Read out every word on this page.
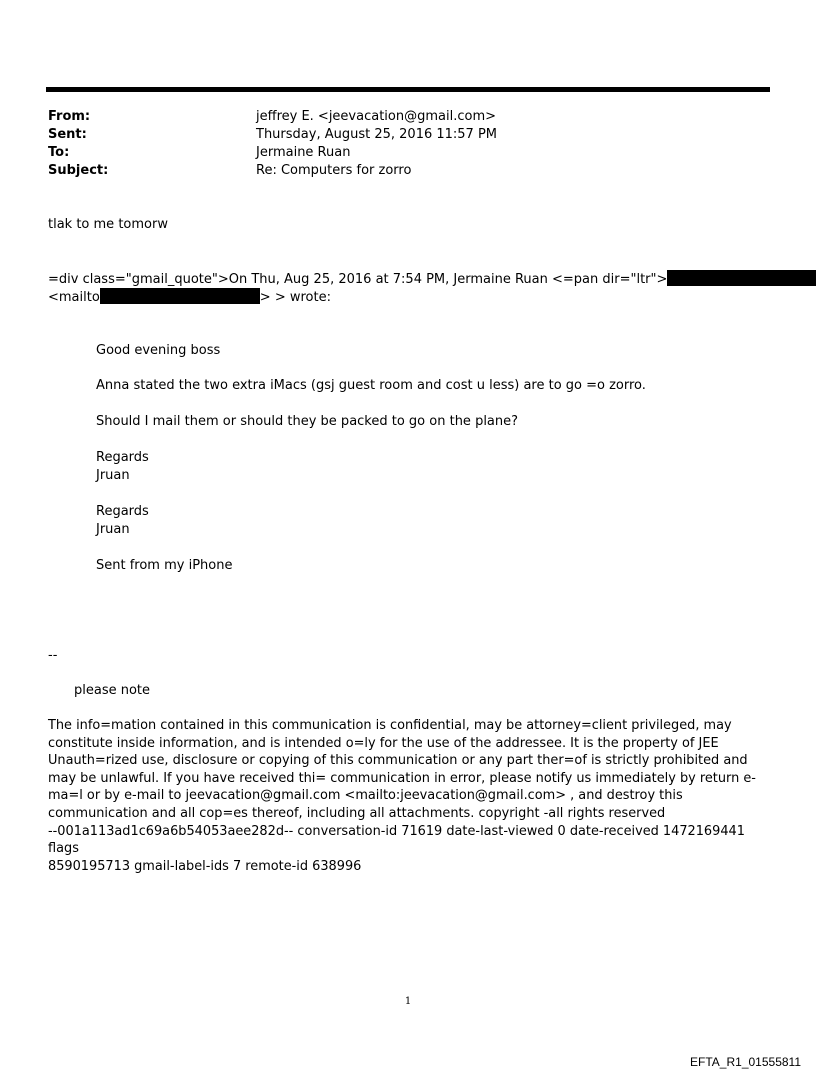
From:	jeffrey E. <jeevacation@gmail.com>
Sent:	Thursday, August 25, 2016 11:57 PM
To:	Jermaine Ruan
Subject:	Re: Computers for zorro
tlak to me tomorw
=div class="gmail_quote">On Thu, Aug 25, 2016 at 7:54 PM, Jermaine Ruan <=pan dir="ltr">
<mailto	> > wrote:
Good evening boss
Anna stated the two extra iMacs (gsj guest room and cost u less) are to go =o zorro.
Should I mail them or should they be packed to go on the plane?
Regards
Jruan
Regards
Jruan
Sent from my iPhone
--
please note
The info=mation contained in this communication is confidential, may be attorney=client privileged, may constitute inside information, and is intended o=ly for the use of the addressee. It is the property of JEE Unauth=rized use, disclosure or copying of this communication or any part ther=of is strictly prohibited and may be unlawful. If you have received thi= communication in error, please notify us immediately by return e-ma=l or by e-mail to jeevacation@gmail.com <mailto:jeevacation@gmail.com> , and destroy this communication and all cop=es thereof, including all attachments. copyright -all rights reserved
--001a113ad1c69a6b54053aee282d-- conversation-id 71619 date-last-viewed 0 date-received 1472169441 flags
8590195713 gmail-label-ids 7 remote-id 638996
1
EFTA_R1_01555811
